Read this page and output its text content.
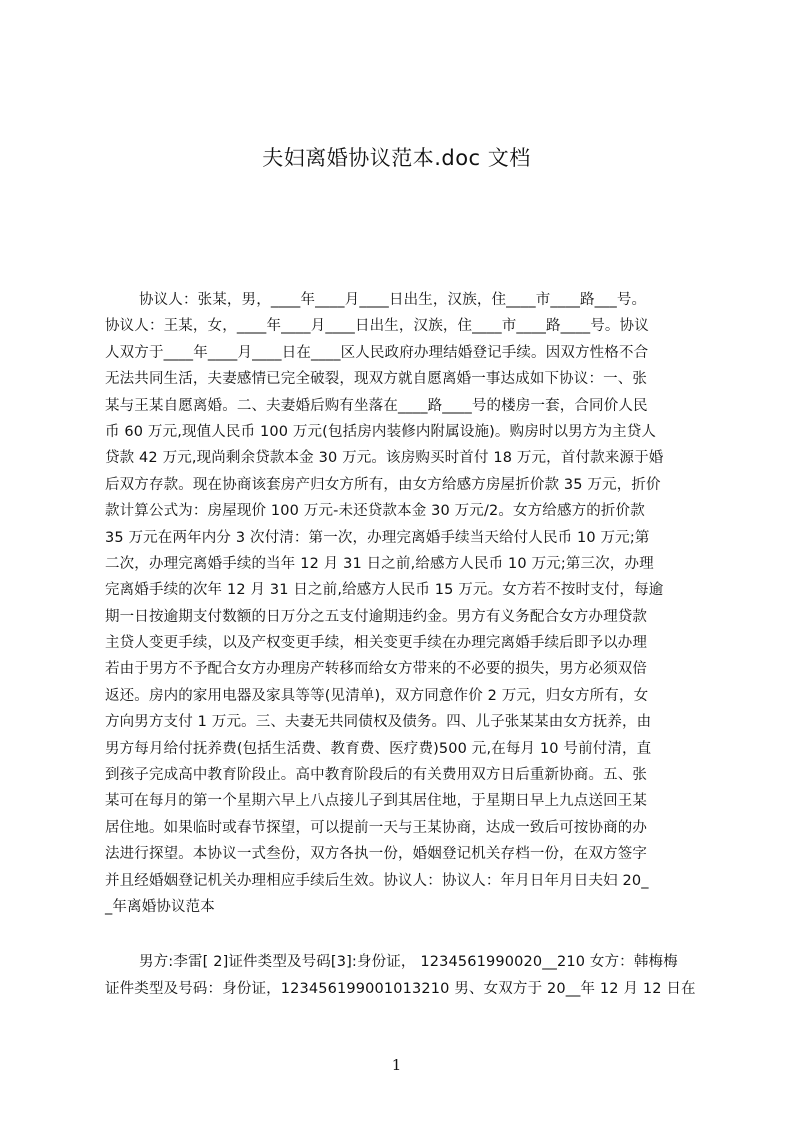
夫妇离婚协议范本.doc 文档
协议人：张某，男，____年____月____日出生，汉族，住____市____路___号。
协议人：王某，女，____年____月____日出生，汉族，住____市____路____号。协议
人双方于____年____月____日在____区人民政府办理结婚登记手续。因双方性格不合
无法共同生活，夫妻感情已完全破裂，现双方就自愿离婚一事达成如下协议：一、张
某与王某自愿离婚。二、夫妻婚后购有坐落在____路____号的楼房一套，合同价人民
币 60 万元,现值人民币 100 万元(包括房内装修内附属设施)。购房时以男方为主贷人
贷款 42 万元,现尚剩余贷款本金 30 万元。该房购买时首付 18 万元，首付款来源于婚
后双方存款。现在协商该套房产归女方所有，由女方给感方房屋折价款 35 万元，折价
款计算公式为：房屋现价 100 万元-未还贷款本金 30 万元/2。女方给感方的折价款
35 万元在两年内分 3 次付清：第一次，办理完离婚手续当天给付人民币 10 万元;第
二次，办理完离婚手续的当年 12 月 31 日之前,给感方人民币 10 万元;第三次，办理
完离婚手续的次年 12 月 31 日之前,给感方人民币 15 万元。女方若不按时支付，每逾
期一日按逾期支付数额的日万分之五支付逾期违约金。男方有义务配合女方办理贷款
主贷人变更手续，以及产权变更手续，相关变更手续在办理完离婚手续后即予以办理
若由于男方不予配合女方办理房产转移而给女方带来的不必要的损失，男方必须双倍
返还。房内的家用电器及家具等等(见清单)，双方同意作价 2 万元，归女方所有，女
方向男方支付 1 万元。三、夫妻无共同债权及债务。四、儿子张某某由女方抚养，由
男方每月给付抚养费(包括生活费、教育费、医疗费)500 元,在每月 10 号前付清，直
到孩子完成高中教育阶段止。高中教育阶段后的有关费用双方日后重新协商。五、张
某可在每月的第一个星期六早上八点接儿子到其居住地，于星期日早上九点送回王某
居住地。如果临时或春节探望，可以提前一天与王某协商，达成一致后可按协商的办
法进行探望。本协议一式叁份，双方各执一份，婚姻登记机关存档一份，在双方签字
并且经婚姻登记机关办理相应手续后生效。协议人：协议人：年月日年月日夫妇 20_
_年离婚协议范本
男方:李雷[ 2]证件类型及号码[3]:身份证， 1234561990020__210 女方：韩梅梅
证件类型及号码：身份证，123456199001013210 男、女双方于 20__年 12 月 12 日在
1
